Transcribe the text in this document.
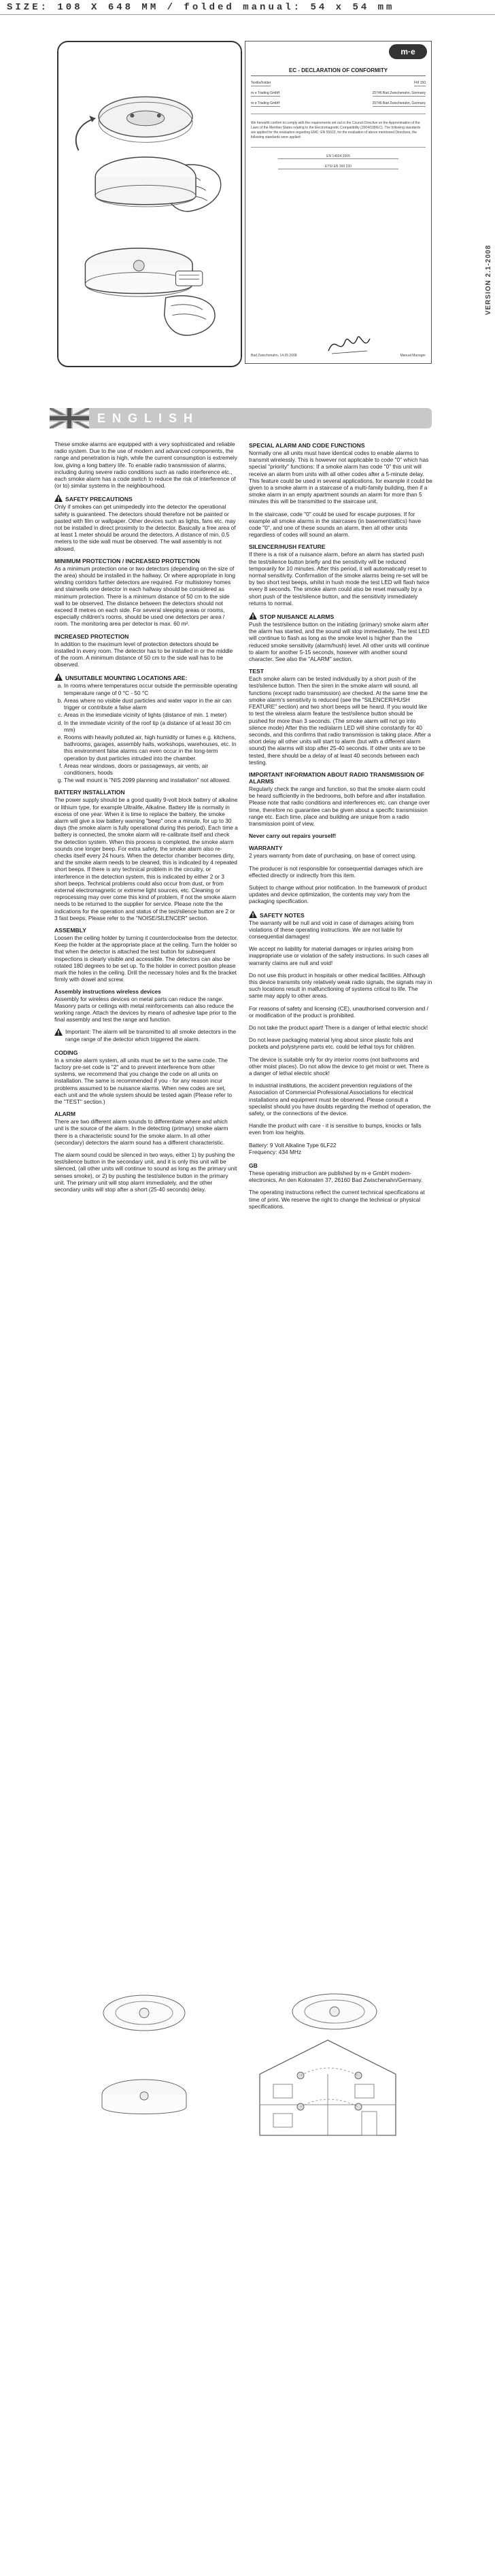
SIZE: 108 X 648 MM / folded manual: 54 x 54 mm
VERSION 2.1-2008
m·e
EC - DECLARATION OF CONFORMITY
Textile/holder	FM 150
m·e Trading GmbH	25746 Bad Zwischenahn, Germany
m·e Trading GmbH	25746 Bad Zwischenahn, Germany
We herewith confirm to comply with the requirements set out in the Council Directive on the Approximation of the Laws of the Member States relating to the Electromagnetic Compatibility (2004/108/EC). The following standards are applied for the evaluation regarding EMC: EN 55022, for the evaluation of above mentioned Directives, the following standards were applied:
EN 14604 2005
ETSI EN 300 220
Bad Zwischenahn, 14.05.2008	Manual Manager
ENGLISH

These smoke alarms are equipped with a very sophisticated and reliable radio system. Due to the use of modern and advanced components, the range and penetration is high, while the current consumption is extremely low, giving a long battery life. To enable radio transmission of alarms, including during severe radio conditions such as radio interference etc., each smoke alarm has a code switch to reduce the risk of interference of (or to) similar systems in the neighbourhood.

SAFETY PRECAUTIONS

Only if smokes can get unimpededly into the detector the operational safety is guaranteed. The detectors should therefore not be painted or pasted with film or wallpaper. Other devices such as lights, fans etc. may not be installed in direct proximity to the detector. Basically a free area of at least 1 meter should be around the detectors. A distance of min. 0.5 meters to the side wall must be observed. The wall assembly is not allowed.

MINIMUM PROTECTION / INCREASED PROTECTION

As a minimum protection one or two detectors (depending on the size of the area) should be installed in the hallway. Or where appropriate in long winding corridors further detectors are required. For multistorey homes and stairwells one detector in each hallway should be considered as minimum protection. There is a minimum distance of 50 cm to the side wall to be observed. The distance between the detectors should not exceed 8 metres on each side. For several sleeping areas or rooms, especially children's rooms, should be used one detectors per area / room. The monitoring area per detector is max. 60 m².

INCREASED PROTECTION

In addition to the maximum level of protection detectors should be installed in every room. The detector has to be installed in or the middle of the room. A minimum distance of 50 cm to the side wall has to be observed.

UNSUITABLE MOUNTING LOCATIONS ARE:
a. In rooms where temperatures occur outside the permissible operating temperature range of 0 °C - 50 °C
b. Areas where no visible dust particles and water vapor in the air can trigger or contribute a false alarm
c. Areas in the immediate vicinity of lights (distance of min. 1 meter)
d. In the immediate vicinity of the roof tip (a distance of at least 30 cm mm)
e. Rooms with heavily polluted air, high humidity or fumes e.g. kitchens, bathrooms, garages, assembly halls, workshops, warehouses, etc. In this environment false alarms can even occur in the long-term operation by dust particles intruded into the chamber.
f. Areas near windows, doors or passageways, air vents, air conditioners, hoods
g. The wall mount is "NIS 2099 planning and installation" not allowed.
BATTERY INSTALLATION

The power supply should be a good quality 9-volt block battery of alkaline or lithium type, for example Ultralife, Alkaline. Battery life is normally in excess of one year. When it is time to replace the battery, the smoke alarm will give a low battery warning "beep" once a minute, for up to 30 days (the smoke alarm is fully operational during this period). Each time a battery is connected, the smoke alarm will re-calibrate itself and check the detection system. When this process is completed, the smoke alarm sounds one longer beep. For extra safety, the smoke alarm also re-checks itself every 24 hours. When the detector chamber becomes dirty, and the smoke alarm needs to be cleaned, this is indicated by 4 repeated short beeps. If there is any technical problem in the circuitry, or interference in the detection system, this is indicated by either 2 or 3 short beeps. Technical problems could also occur from dust, or from external electromagnetic or extreme light sources, etc. Cleaning or reprocessing may over come this kind of problem, if not the smoke alarm needs to be returned to the supplier for service. Please note the the indications for the operation and status of the test/silence button are 2 or 3 fast beeps. Please refer to the "NOISE/SILENCER" section.

ASSEMBLY

Loosen the ceiling holder by turning it counterclockwise from the detector. Keep the holder at the appropriate place at the ceiling. Turn the holder so that when the detector is attached the test button for subsequent inspections is clearly visible and accessible. The detectors can also be rotated 180 degrees to be set up. To the holder in correct position please mark the holes in the ceiling. Drill the necessary holes and fix the bracket firmly with dowel and screw.

Assembly instructions wireless devices

Assembly for wireless devices on metal parts can reduce the range. Masonry parts or ceilings with metal reinforcements can also reduce the working range. Attach the devices by means of adhesive tape prior to the final assembly and test the range and function.

Important: The alarm will be transmitted to all smoke detectors in the range range of the detector which triggered the alarm.

CODING

In a smoke alarm system, all units must be set to the same code. The factory pre-set code is "2" and to prevent interference from other systems, we recommend that you change the code on all units on installation. The same is recommended if you - for any reason incur problems assumed to be nuisance alarms. When new codes are set, each unit and the whole system should be tested again (Please refer to the "TEST" section.)

ALARM

There are two different alarm sounds to differentiate where and which unit is the source of the alarm. In the detecting (primary) smoke alarm there is a characteristic sound for the smoke alarm. In all other (secondary) detectors the alarm sound has a different characteristic.

The alarm sound could be silenced in two ways, either 1) by pushing the test/silence button in the secondary unit, and it is only this unit will be silenced, (all other units will continue to sound as long as the primary unit senses smoke), or 2) by pushing the test/silence button in the primary unit. The primary unit will stop alarm immediately, and the other secondary units will stop after a short (25-40 seconds) delay.

SPECIAL ALARM AND CODE FUNCTIONS

Normally one all units must have identical codes to enable alarms to transmit wirelessly. This is however not applicable to code "0" which has special "priority" functions: If a smoke alarm has code "0" this unit will receive an alarm from units with all other codes after a 5-minute delay. This feature could be used in several applications, for example it could be given to a smoke alarm in a staircase of a multi-family building, then if a smoke alarm in an empty apartment sounds an alarm for more than 5 minutes this will be transmitted to the staircase unit.

In the staircase, code "0" could be used for escape purposes. If for example all smoke alarms in the staircases (in basement/attics) have code "0", and one of these sounds an alarm, then all other units regardless of codes will sound an alarm.

SILENCER/HUSH FEATURE

If there is a risk of a nuisance alarm, before an alarm has started push the test/silence button briefly and the sensitivity will be reduced temporarily for 10 minutes. After this period, it will automatically reset to normal sensitivity. Confirmation of the smoke alarms being re-set will be by two short test beeps, whilst in hush mode the test LED will flash twice every 8 seconds. The smoke alarm could also be reset manually by a short push of the test/silence button, and the sensitivity immediately returns to normal.

STOP NUISANCE ALARMS

Push the test/silence button on the initiating (primary) smoke alarm after the alarm has started, and the sound will stop immediately. The test LED will continue to flash as long as the smoke level is higher than the reduced smoke sensitivity (alarm/hush) level. All other units will continue to alarm for another 5-15 seconds, however with another sound character. See also the "ALARM" section.

TEST

Each smoke alarm can be tested individually by a short push of the test/silence button. Then the siren in the smoke alarm will sound, all functions (except radio transmission) are checked. At the same time the smoke alarm's sensitivity is reduced (see the "SILENCER/HUSH FEATURE" section) and two short beeps will be heard. If you would like to test the wireless alarm feature the test/silence button should be pushed for more than 3 seconds. (The smoke alarm will not go into silence mode) After this the red/alarm LED will shine constantly for 40 seconds, and this confirms that radio transmission is taking place. After a short delay all other units will start to alarm (but with a different alarm sound) the alarms will stop after 25-40 seconds. If other units are to be tested, there should be a delay of at least 40 seconds between each testing.

IMPORTANT INFORMATION ABOUT RADIO TRANSMISSION OF ALARMS

Regularly check the range and function, so that the smoke alarm could be heard sufficiently in the bedrooms, both before and after installation. Please note that radio conditions and interferences etc. can change over time, therefore no guarantee can be given about a specific transmission range etc. Each time, place and building are unique from a radio transmission point of view.

Never carry out repairs yourself!

WARRANTY

2 years warranty from date of purchasing, on base of correct using.

The producer is not responsible for consequential damages which are effected directly or indirectly from this item.

Subject to change without prior notification. In the framework of product updates and device optimization, the contents may vary from the packaging specification.

SAFETY NOTES

The warranty will be null and void in case of damages arising from violations of these operating instructions. We are not liable for consequential damages!

We accept no liability for material damages or injuries arising from inappropriate use or violation of the safety instructions. In such cases all warranty claims are null and void!

Do not use this product in hospitals or other medical facilities. Although this device transmits only relatively weak radio signals, the signals may in such locations result in malfunctioning of systems critical to life. The same may apply to other areas.

For reasons of safety and licensing (CE), unauthorised conversion and / or modification of the product is prohibited.

Do not take the product apart! There is a danger of lethal electric shock!

Do not leave packaging material lying about since plastic foils and pockets and polystyrene parts etc. could be lethal toys for children.

The device is suitable only for dry interior rooms (not bathrooms and other moist places). Do not allow the device to get moist or wet. There is a danger of lethal electric shock!

In industrial institutions, the accident prevention regulations of the Association of Commercial Professional Associations for electrical installations and equipment must be observed. Please consult a specialist should you have doubts regarding the method of operation, the safety, or the connections of the device.

Handle the product with care - it is sensitive to bumps, knocks or falls even from low heights.

Battery: 9 Volt Alkaline Type 6LF22

Frequency: 434 MHz

GB

These operating instruction are published by m·e GmbH modern-electronics, An den Kolonaten 37, 26160 Bad Zwischenahn/Germany.

The operating instructions reflect the current technical specifications at time of print. We reserve the right to change the technical or physical specifications.
